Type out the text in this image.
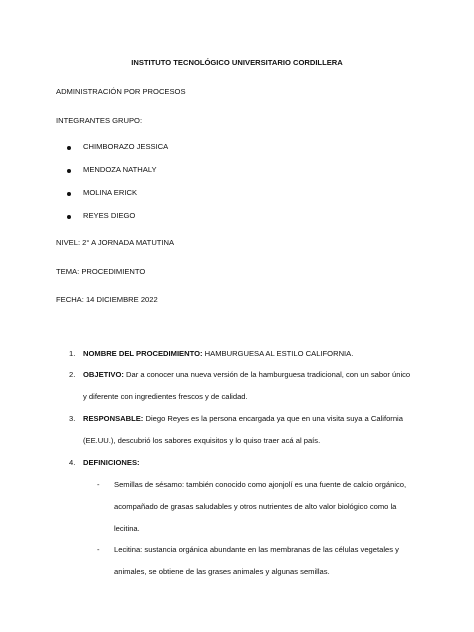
INSTITUTO TECNOLÓGICO UNIVERSITARIO CORDILLERA
ADMINISTRACIÓN POR PROCESOS
INTEGRANTES GRUPO:
CHIMBORAZO JESSICA
MENDOZA NATHALY
MOLINA ERICK
REYES DIEGO
NIVEL: 2° A JORNADA MATUTINA
TEMA: PROCEDIMIENTO
FECHA: 14 DICIEMBRE 2022
1. NOMBRE DEL PROCEDIMIENTO: HAMBURGUESA AL ESTILO CALIFORNIA.
2. OBJETIVO: Dar a conocer una nueva versión de la hamburguesa tradicional, con un sabor único
y diferente con ingredientes frescos y de calidad.
3. RESPONSABLE: Diego Reyes es la persona encargada ya que en una visita suya a California
(EE.UU.), descubrió los sabores exquisitos y lo quiso traer acá al país.
4. DEFINICIONES:
- Semillas de sésamo: también conocido como ajonjolí es una fuente de calcio orgánico,
acompañado de grasas saludables y otros nutrientes de alto valor biológico como la
lecitina.
- Lecitina: sustancia orgánica abundante en las membranas de las células vegetales y
animales, se obtiene de las grases animales y algunas semillas.
